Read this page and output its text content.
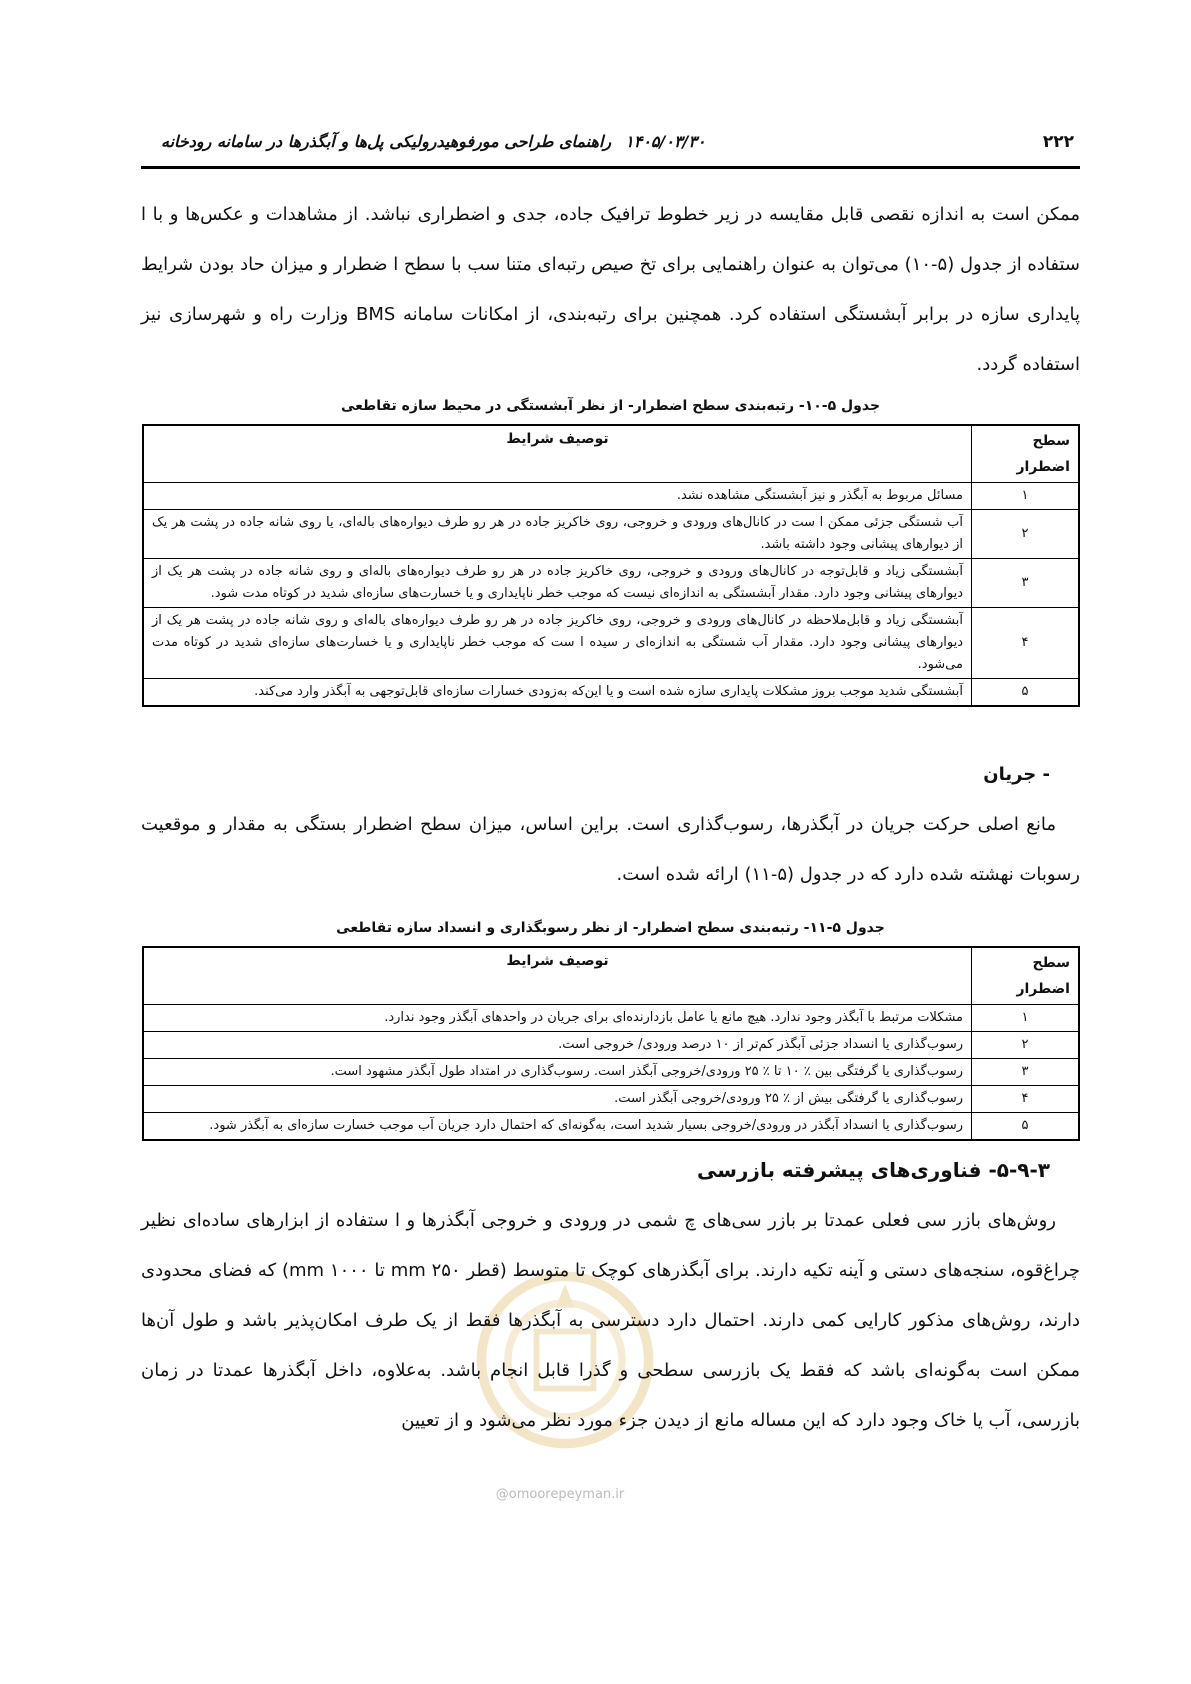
۲۲۲
۱۴۰۵/۰۳/۳۰راهنمای طراحی مورفوهیدرولیکی پل‌ها و آبگذرها در سامانه رودخانه

ممکن است به اندازه نقصی قابل مقایسه در زیر خطوط ترافیک جاده، جدی و اضطراری نباشد. از مشاهدات و عکس‌ها و با ا ستفاده از جدول (۵-۱۰) می‌توان به عنوان راهنمایی برای تخ صیص رتبه‌ای متنا سب با سطح ا ضطرار و میزان حاد بودن شرایط پایداری سازه در برابر آبشستگی استفاده کرد. همچنین برای رتبه‌بندی، از امکانات سامانه BMS وزارت راه و شهرسازی نیز استفاده گردد.

جدول ۵-۱۰- رتبه‌بندی سطح اضطرار- از نظر آبشستگی در محیط سازه تقاطعی
سطح اضطرار	توصیف شرایط
۱	مسائل مربوط به آبگذر و نیز آبشستگی مشاهده نشد.
۲	آب شستگی جزئی ممکن ا ست در کانال‌های ورودی و خروجی، روی خاکریز جاده در هر رو طرف دیواره‌های باله‌ای، یا روی شانه جاده در پشت هر یک از دیوارهای پیشانی وجود داشته باشد.
۳	آبشستگی زیاد و قابل‌توجه در کانال‌های ورودی و خروجی، روی خاکریز جاده در هر رو طرف دیواره‌های باله‌ای و روی شانه جاده در پشت هر یک از دیوارهای پیشانی وجود دارد. مقدار آبشستگی به اندازه‌ای نیست که موجب خطر ناپایداری و یا خسارت‌های سازه‌ای شدید در کوتاه مدت شود.
۴	آبشستگی زیاد و قابل‌ملاحظه در کانال‌های ورودی و خروجی، روی خاکریز جاده در هر رو طرف دیواره‌های باله‌ای و روی شانه جاده در پشت هر یک از دیوارهای پیشانی وجود دارد. مقدار آب شستگی به اندازه‌ای ر سیده ا ست که موجب خطر ناپایداری و یا خسارت‌های سازه‌ای شدید در کوتاه مدت می‌شود.
۵	آبشستگی شدید موجب بروز مشکلات پایداری سازه شده است و یا این‌که به‌زودی خسارات سازه‌ای قابل‌توجهی به آبگذر وارد می‌کند.
- جریان

مانع اصلی حرکت جریان در آبگذرها، رسوب‌گذاری است. براین اساس، میزان سطح اضطرار بستگی به مقدار و موقعیت رسوبات نهشته شده دارد که در جدول (۵-۱۱) ارائه شده است.

جدول ۵-۱۱- رتبه‌بندی سطح اضطرار- از نظر رسوبگذاری و انسداد سازه تقاطعی
سطح اضطرار	توصیف شرایط
۱	مشکلات مرتبط با آبگذر وجود ندارد. هیچ مانع یا عامل بازدارنده‌ای برای جریان در واحدهای آبگذر وجود ندارد.
۲	رسوب‌گذاری یا انسداد جزئی آبگذر کم‌تر از ۱۰ درصد ورودی/ خروجی است.
۳	رسوب‌گذاری یا گرفتگی بین ٪ ۱۰ تا ٪ ۲۵ ورودی/خروجی آبگذر است. رسوب‌گذاری در امتداد طول آبگذر مشهود است.
۴	رسوب‌گذاری یا گرفتگی بیش از ٪ ۲۵ ورودی/خروجی آبگذر است.
۵	رسوب‌گذاری یا انسداد آبگذر در ورودی/خروجی بسیار شدید است، به‌گونه‌ای که احتمال دارد جریان آب موجب خسارت سازه‌ای به آبگذر شود.
۵-۹-۳- فناوری‌های پیشرفته بازرسی

روش‌های بازر سی فعلی عمدتا بر بازر سی‌های چ شمی در ورودی و خروجی آبگذرها و ا ستفاده از ابزارهای ساده‌ای نظیر چراغ‌قوه، سنجه‌های دستی و آینه تکیه دارند. برای آبگذرهای کوچک تا متوسط (قطر ۲۵۰ mm تا ۱۰۰۰ mm) که فضای محدودی دارند، روش‌های مذکور کارایی کمی دارند. احتمال دارد دسترسی به آبگذرها فقط از یک طرف امکان‌پذیر باشد و طول آن‌ها ممکن است به‌گونه‌ای باشد که فقط یک بازرسی سطحی و گذرا قابل انجام باشد. به‌علاوه، داخل آبگذرها عمدتا در زمان بازرسی، آب یا خاک وجود دارد که این مساله مانع از دیدن جزء مورد نظر می‌شود و از تعیین

@omoorepeyman.ir
